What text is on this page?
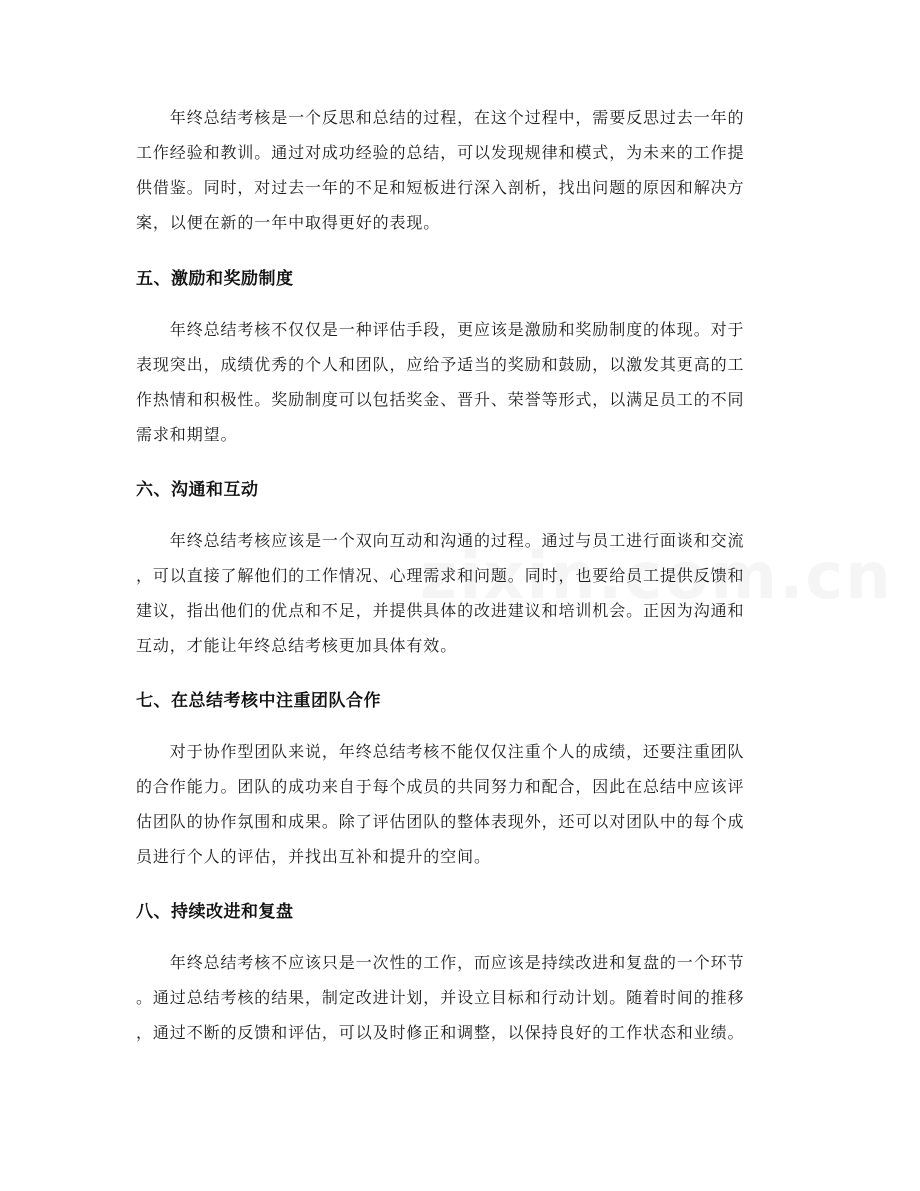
　　年终总结考核是一个反思和总结的过程，在这个过程中，需要反思过去一年的
工作经验和教训。通过对成功经验的总结，可以发现规律和模式，为未来的工作提
供借鉴。同时，对过去一年的不足和短板进行深入剖析，找出问题的原因和解决方
案，以便在新的一年中取得更好的表现。

五、激励和奖励制度

　　年终总结考核不仅仅是一种评估手段，更应该是激励和奖励制度的体现。对于
表现突出，成绩优秀的个人和团队，应给予适当的奖励和鼓励，以激发其更高的工
作热情和积极性。奖励制度可以包括奖金、晋升、荣誉等形式，以满足员工的不同
需求和期望。

六、沟通和互动

　　年终总结考核应该是一个双向互动和沟通的过程。通过与员工进行面谈和交流
，可以直接了解他们的工作情况、心理需求和问题。同时，也要给员工提供反馈和
建议，指出他们的优点和不足，并提供具体的改进建议和培训机会。正因为沟通和
互动，才能让年终总结考核更加具体有效。

七、在总结考核中注重团队合作

　　对于协作型团队来说，年终总结考核不能仅仅注重个人的成绩，还要注重团队
的合作能力。团队的成功来自于每个成员的共同努力和配合，因此在总结中应该评
估团队的协作氛围和成果。除了评估团队的整体表现外，还可以对团队中的每个成
员进行个人的评估，并找出互补和提升的空间。

八、持续改进和复盘

　　年终总结考核不应该只是一次性的工作，而应该是持续改进和复盘的一个环节
。通过总结考核的结果，制定改进计划，并设立目标和行动计划。随着时间的推移
，通过不断的反馈和评估，可以及时修正和调整，以保持良好的工作状态和业绩。
